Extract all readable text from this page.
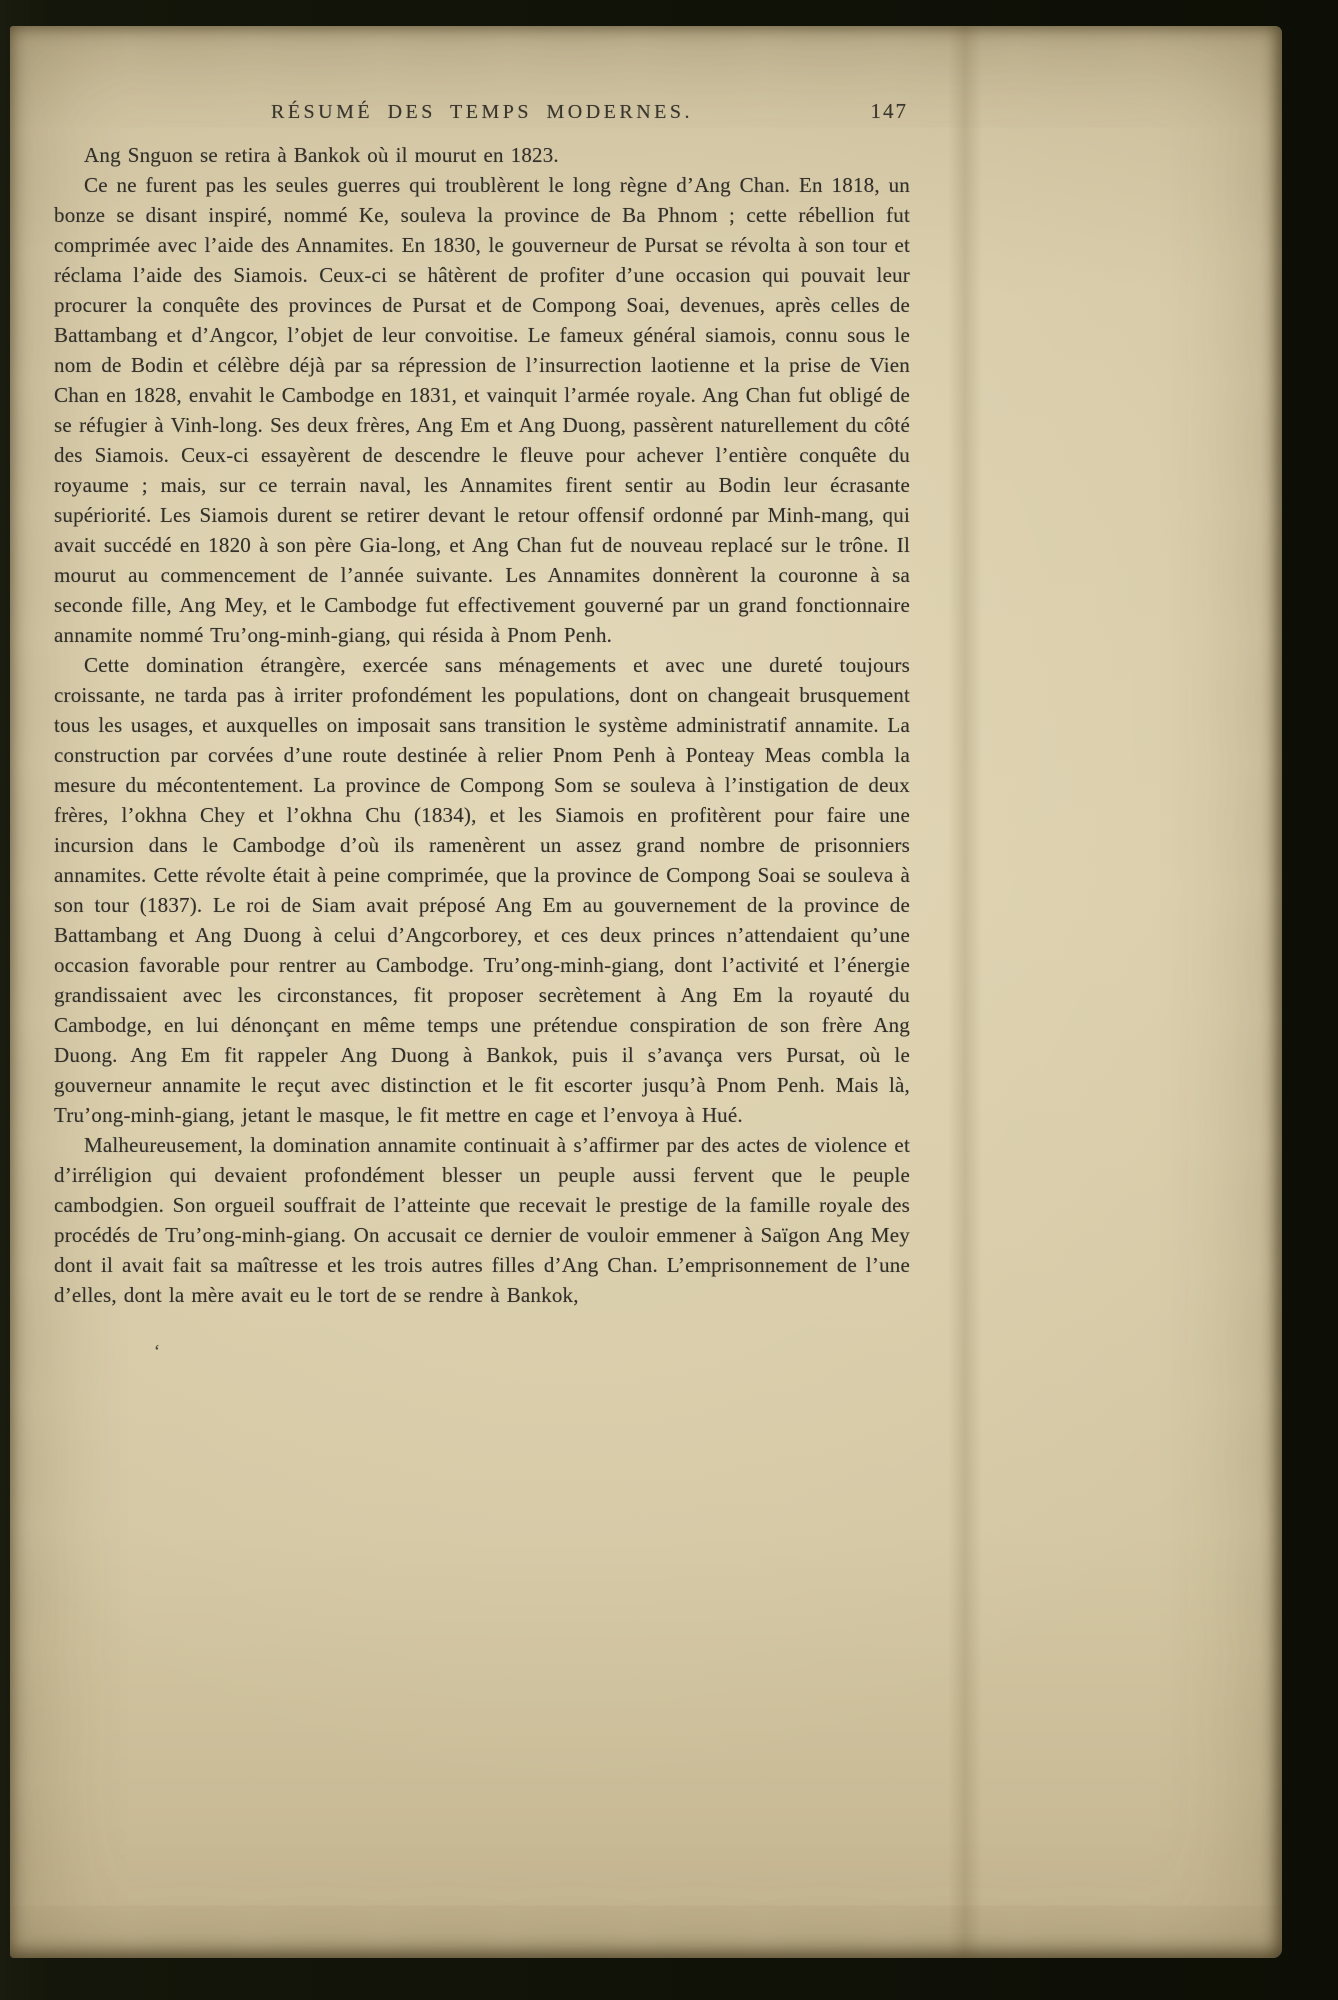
RÉSUMÉ DES TEMPS MODERNES.	147

Ang Snguon se retira à Bankok où il mourut en 1823.

Ce ne furent pas les seules guerres qui troublèrent le long règne d’Ang Chan. En 1818, un bonze se disant inspiré, nommé Ke, souleva la province de Ba Phnom ; cette rébellion fut comprimée avec l’aide des Annamites. En 1830, le gouverneur de Pursat se révolta à son tour et réclama l’aide des Siamois. Ceux-ci se hâtèrent de profiter d’une occasion qui pouvait leur procurer la conquête des provinces de Pursat et de Compong Soai, devenues, après celles de Battambang et d’Angcor, l’objet de leur convoitise. Le fameux général siamois, connu sous le nom de Bodin et célèbre déjà par sa répression de l’insurrection laotienne et la prise de Vien Chan en 1828, envahit le Cambodge en 1831, et vainquit l’armée royale. Ang Chan fut obligé de se réfugier à Vinh-long. Ses deux frères, Ang Em et Ang Duong, passèrent naturellement du côté des Siamois. Ceux-ci essayèrent de descendre le fleuve pour achever l’entière conquête du royaume ; mais, sur ce terrain naval, les Annamites firent sentir au Bodin leur écrasante supériorité. Les Siamois durent se retirer devant le retour offensif ordonné par Minh-mang, qui avait succédé en 1820 à son père Gia-long, et Ang Chan fut de nouveau replacé sur le trône. Il mourut au commencement de l’année suivante. Les Annamites donnèrent la couronne à sa seconde fille, Ang Mey, et le Cambodge fut effectivement gouverné par un grand fonctionnaire annamite nommé Tru’ong-minh-giang, qui résida à Pnom Penh.

Cette domination étrangère, exercée sans ménagements et avec une dureté toujours croissante, ne tarda pas à irriter profondément les populations, dont on changeait brusquement tous les usages, et auxquelles on imposait sans transition le système administratif annamite. La construction par corvées d’une route destinée à relier Pnom Penh à Ponteay Meas combla la mesure du mécontentement. La province de Compong Som se souleva à l’instigation de deux frères, l’okhna Chey et l’okhna Chu (1834), et les Siamois en profitèrent pour faire une incursion dans le Cambodge d’où ils ramenèrent un assez grand nombre de prisonniers annamites. Cette révolte était à peine comprimée, que la province de Compong Soai se souleva à son tour (1837). Le roi de Siam avait préposé Ang Em au gouvernement de la province de Battambang et Ang Duong à celui d’Angcorborey, et ces deux princes n’attendaient qu’une occasion favorable pour rentrer au Cambodge. Tru’ong-minh-giang, dont l’activité et l’énergie grandissaient avec les circonstances, fit proposer secrètement à Ang Em la royauté du Cambodge, en lui dénonçant en même temps une prétendue conspiration de son frère Ang Duong. Ang Em fit rappeler Ang Duong à Bankok, puis il s’avança vers Pursat, où le gouverneur annamite le reçut avec distinction et le fit escorter jusqu’à Pnom Penh. Mais là, Tru’ong-minh-giang, jetant le masque, le fit mettre en cage et l’envoya à Hué.

Malheureusement, la domination annamite continuait à s’affirmer par des actes de violence et d’irréligion qui devaient profondément blesser un peuple aussi fervent que le peuple cambodgien. Son orgueil souffrait de l’atteinte que recevait le prestige de la famille royale des procédés de Tru’ong-minh-giang. On accusait ce dernier de vouloir emmener à Saïgon Ang Mey dont il avait fait sa maîtresse et les trois autres filles d’Ang Chan. L’emprisonnement de l’une d’elles, dont la mère avait eu le tort de se rendre à Bankok,

‘
